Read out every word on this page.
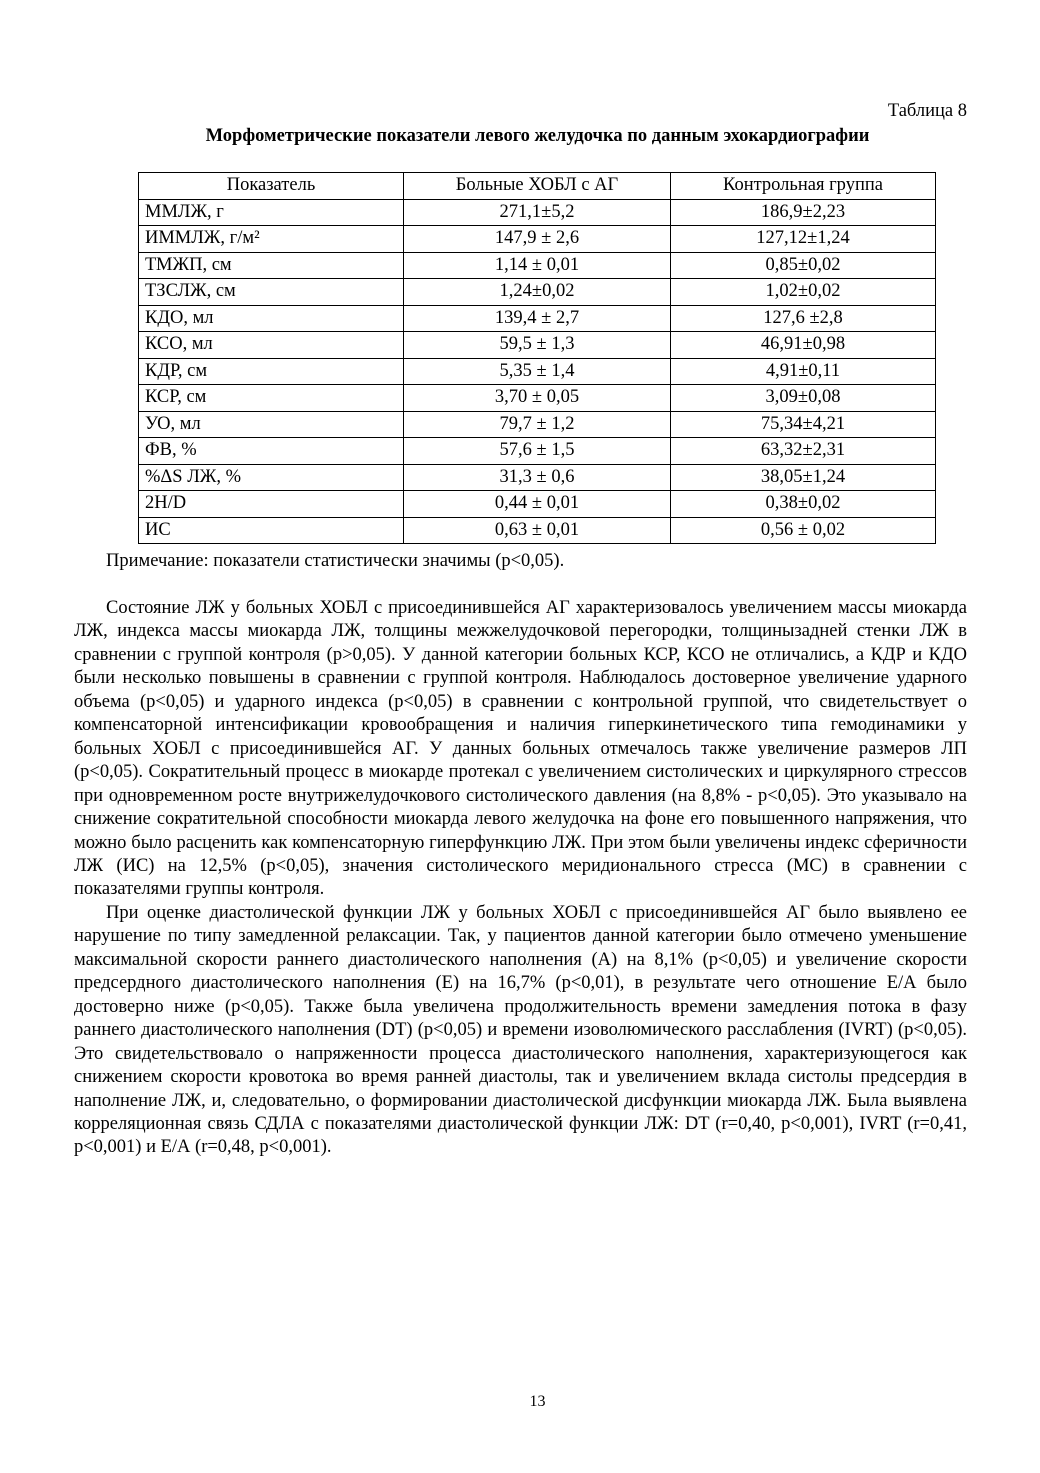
Таблица 8
Морфометрические показатели левого желудочка по данным эхокардиографии
Показатель	Больные ХОБЛ с АГ	Контрольная группа
ММЛЖ, г	271,1±5,2	186,9±2,23
ИММЛЖ, г/м²	147,9 ± 2,6	127,12±1,24
ТМЖП, см	1,14 ± 0,01	0,85±0,02
ТЗСЛЖ, см	1,24±0,02	1,02±0,02
КДО, мл	139,4 ± 2,7	127,6 ±2,8
КСО, мл	59,5 ± 1,3	46,91±0,98
КДР, см	5,35 ± 1,4	4,91±0,11
КСР, см	3,70 ± 0,05	3,09±0,08
УО, мл	79,7 ± 1,2	75,34±4,21
ФВ, %	57,6 ± 1,5	63,32±2,31
%ΔS ЛЖ, %	31,3 ± 0,6	38,05±1,24
2H/D	0,44 ± 0,01	0,38±0,02
ИС	0,63 ± 0,01	0,56 ± 0,02
Примечание: показатели статистически значимы (р<0,05).

Состояние ЛЖ у больных ХОБЛ с присоединившейся АГ характеризовалось увеличением массы миокарда ЛЖ, индекса массы миокарда ЛЖ, толщины межжелудочковой перегородки, толщинызадней стенки ЛЖ в сравнении с группой контроля (р>0,05). У данной категории больных КСР, КСО не отличались, а КДР и КДО были несколько повышены в сравнении с группой контроля. Наблюдалось достоверное увеличение ударного объема (р<0,05) и ударного индекса (р<0,05) в сравнении с контрольной группой, что свидетельствует о компенсаторной интенсификации кровообращения и наличия гиперкинетического типа гемодинамики у больных ХОБЛ с присоединившейся АГ. У данных больных отмечалось также увеличение размеров ЛП (р<0,05). Сократительный процесс в миокарде протекал с увеличением систолических и циркулярного стрессов при одновременном росте внутрижелудочкового систолического давления (на 8,8% - р<0,05). Это указывало на снижение сократительной способности миокарда левого желудочка на фоне его повышенного напряжения, что можно было расценить как компенсаторную гиперфункцию ЛЖ. При этом были увеличены индекс сферичности ЛЖ (ИС) на 12,5% (р<0,05), значения систолического меридионального стресса (МС) в сравнении с показателями группы контроля.

При оценке диастолической функции ЛЖ у больных ХОБЛ с присоединившейся АГ было выявлено ее нарушение по типу замедленной релаксации. Так, у пациентов данной категории было отмечено уменьшение максимальной скорости раннего диастолического наполнения (А) на 8,1% (р<0,05) и увеличение скорости предсердного диастолического наполнения (Е) на 16,7% (р<0,01), в результате чего отношение Е/А было достоверно ниже (р<0,05). Также была увеличена продолжительность времени замедления потока в фазу раннего диастолического наполнения (DT) (р<0,05) и времени изоволюмического расслабления (IVRT) (р<0,05). Это свидетельствовало о напряженности процесса диастолического наполнения, характеризующегося как снижением скорости кровотока во время ранней диастолы, так и увеличением вклада систолы предсердия в наполнение ЛЖ, и, следовательно, о формировании диастолической дисфункции миокарда ЛЖ. Была выявлена корреляционная связь СДЛА с показателями диастолической функции ЛЖ: DT (r=0,40, p<0,001), IVRT (r=0,41, p<0,001) и Е/А (r=0,48, p<0,001).

13
